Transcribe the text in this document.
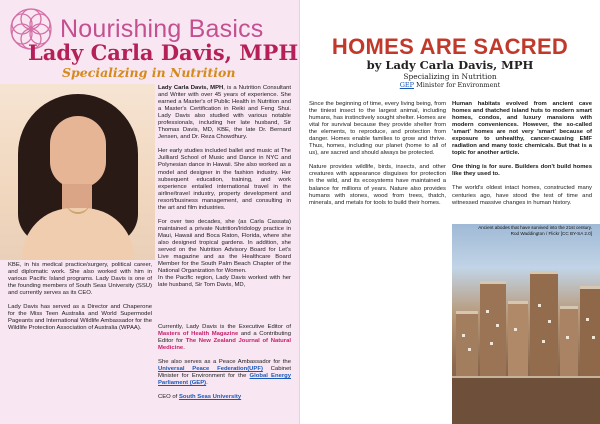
Nourishing Basics
Lady Carla Davis, MPH
Specializing in Nutrition

Lady Carla Davis, MPH, is a Nutrition Consultant and Writer with over 45 years of experience. She earned a Master's of Public Health in Nutrition and a Master's Certification in Reiki and Feng Shui. Lady Davis also studied with various notable professionals, including her late husband, Sir Thomas Davis, MD, KBE, the late Dr. Bernard Jensen, and Dr. Reza Chowdhury.

Her early studies included ballet and music at The Juilliard School of Music and Dance in NYC and Polynesian dance in Hawaii. She also worked as a model and designer in the fashion industry. Her subsequent education, training, and work experience entailed international travel in the airline/travel industry, property development and resort/business management, and consulting in the art and film industries.

For over two decades, she (as Carla Cassata) maintained a private Nutrition/Iridology practice in Maui, Hawaii and Boca Raton, Florida, where she also designed tropical gardens. In addition, she served on the Nutrition Advisory Board for Let's Live magazine and as the Healthcare Board Member for the South Palm Beach Chapter of the National Organization for Women.

In the Pacific region, Lady Davis worked with her late husband, Sir Tom Davis, MD,

KBE, in his medical practice/surgery, political career, and diplomatic work. She also worked with him in various Pacific Island programs. Lady Davis is one of the founding members of South Seas University (SSU) and currently serves as its CEO.

Lady Davis has served as a Director and Chaperone for the Miss Teen Australia and World Supermodel Pageants and International Wildlife Ambassador for the Wildlife Protection Association of Australia (WPAA).	Currently, Lady Davis is the Executive Editor of Masters of Health Magazine and a Contributing Editor for The New Zealand Journal of Natural Medicine.

She also serves as a Peace Ambassador for the Universal Peace Federation(UPF) Cabinet Minister for Environment for the Global Energy Parliament (GEP).

CEO of South Seas University

HOMES ARE SACRED
by Lady Carla Davis, MPH
Specializing in Nutrition
GEP Minister for Environment

Since the beginning of time, every living being, from the tiniest insect to the largest animal, including humans, has instinctively sought shelter. Homes are vital for survival because they provide shelter from the elements, to reproduce, and protection from danger. Homes enable families to grow and thrive. Thus, homes, including our planet (home to all of us), are sacred and should always be protected.

Nature provides wildlife, birds, insects, and other creatures with appearance disguises for protection in the wild, and its ecosystems have maintained a balance for millions of years. Nature also provides humans with stones, wood from trees, thatch, minerals, and metals for tools to build their homes.

Human habitats evolved from ancient cave homes and thatched island huts to modern smart homes, condos, and luxury mansions with modern conveniences. However, the so-called 'smart' homes are not very 'smart' because of exposure to unhealthy, cancer-causing EMF radiation and many toxic chemicals. But that is a topic for another article.

One thing is for sure. Builders don't build homes like they used to.

The world's oldest intact homes, constructed many centuries ago, have stood the test of time and witnessed massive changes in human history.

Ancient abodes that have survived into the 21st century.
Rod Waddington / Flickr [CC BY-SA 2.0]
